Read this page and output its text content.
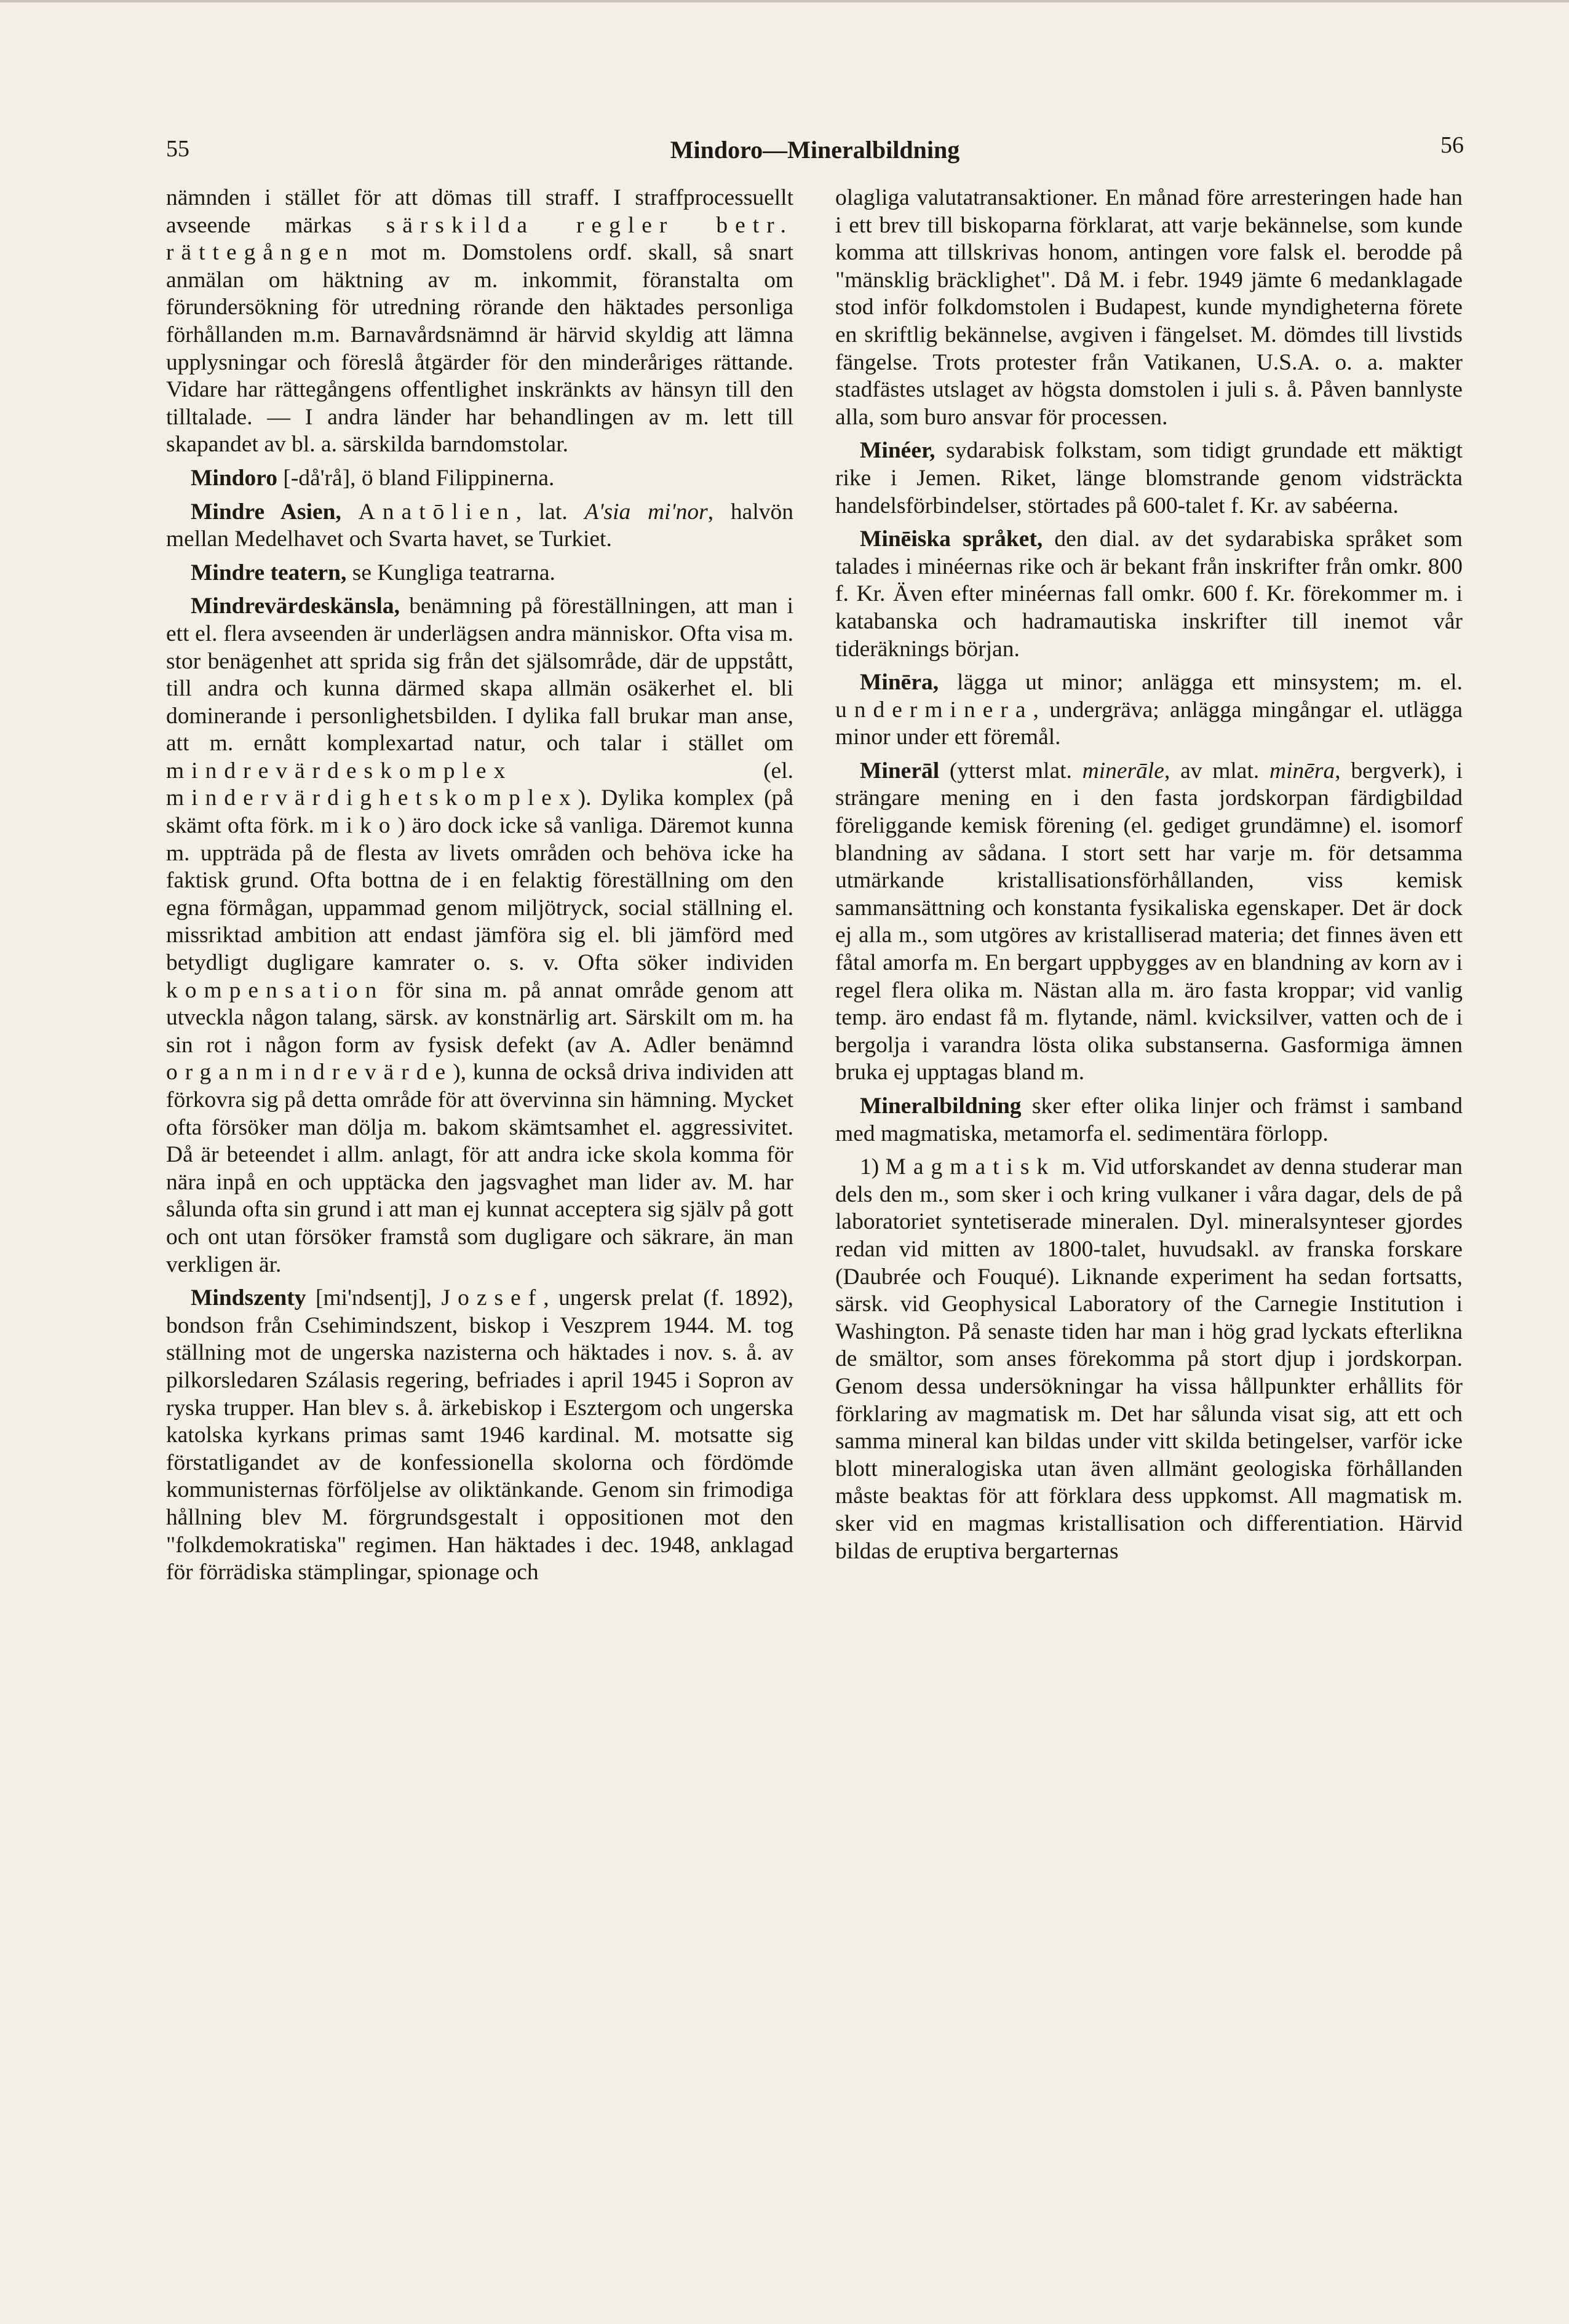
55	Mindoro—Mineralbildning	56

nämnden i stället för att dömas till straff. I straffprocessuellt avseende märkas särskilda regler betr. rättegången mot m. Domstolens ordf. skall, så snart anmälan om häktning av m. inkommit, föranstalta om förundersökning för utredning rörande den häktades personliga förhållanden m.m. Barnavårdsnämnd är härvid skyldig att lämna upplysningar och föreslå åtgärder för den minderåriges rättande. Vidare har rättegångens offentlighet inskränkts av hänsyn till den tilltalade. — I andra länder har behandlingen av m. lett till skapandet av bl. a. särskilda barndomstolar.

Mindoro [-då'rå], ö bland Filippinerna.

Mindre Asien, Anatōlien, lat. A'sia mi'nor, halvön mellan Medelhavet och Svarta havet, se Turkiet.

Mindre teatern, se Kungliga teatrarna.

Mindrevärdeskänsla, benämning på föreställningen, att man i ett el. flera avseenden är underlägsen andra människor. Ofta visa m. stor benägenhet att sprida sig från det själsområde, där de uppstått, till andra och kunna därmed skapa allmän osäkerhet el. bli dominerande i personlighetsbilden. I dylika fall brukar man anse, att m. ernått komplexartad natur, och talar i stället om mindrevärdeskomplex (el. mindervärdighetskomplex). Dylika komplex (på skämt ofta förk. miko) äro dock icke så vanliga. Däremot kunna m. uppträda på de flesta av livets områden och behöva icke ha faktisk grund. Ofta bottna de i en felaktig föreställning om den egna förmågan, uppammad genom miljötryck, social ställning el. missriktad ambition att endast jämföra sig el. bli jämförd med betydligt dugligare kamrater o. s. v. Ofta söker individen kompensation för sina m. på annat område genom att utveckla någon talang, särsk. av konstnärlig art. Särskilt om m. ha sin rot i någon form av fysisk defekt (av A. Adler benämnd organmindrevärde), kunna de också driva individen att förkovra sig på detta område för att övervinna sin hämning. Mycket ofta försöker man dölja m. bakom skämtsamhet el. aggressivitet. Då är beteendet i allm. anlagt, för att andra icke skola komma för nära inpå en och upptäcka den jagsvaghet man lider av. M. har sålunda ofta sin grund i att man ej kunnat acceptera sig själv på gott och ont utan försöker framstå som dugligare och säkrare, än man verkligen är.

Mindszenty [mi'ndsentj], Jozsef, ungersk prelat (f. 1892), bondson från Csehimindszent, biskop i Veszprem 1944. M. tog ställning mot de ungerska nazisterna och häktades i nov. s. å. av pilkorsledaren Szálasis regering, befriades i april 1945 i Sopron av ryska trupper. Han blev s. å. ärkebiskop i Esztergom och ungerska katolska kyrkans primas samt 1946 kardinal. M. motsatte sig förstatligandet av de konfessionella skolorna och fördömde kommunisternas förföljelse av oliktänkande. Genom sin frimodiga hållning blev M. förgrundsgestalt i oppositionen mot den "folkdemokratiska" regimen. Han häktades i dec. 1948, anklagad för förrädiska stämplingar, spionage och

olagliga valutatransaktioner. En månad före arresteringen hade han i ett brev till biskoparna förklarat, att varje bekännelse, som kunde komma att tillskrivas honom, antingen vore falsk el. berodde på "mänsklig bräcklighet". Då M. i febr. 1949 jämte 6 medanklagade stod inför folkdomstolen i Budapest, kunde myndigheterna förete en skriftlig bekännelse, avgiven i fängelset. M. dömdes till livstids fängelse. Trots protester från Vatikanen, U.S.A. o. a. makter stadfästes utslaget av högsta domstolen i juli s. å. Påven bannlyste alla, som buro ansvar för processen.

Minéer, sydarabisk folkstam, som tidigt grundade ett mäktigt rike i Jemen. Riket, länge blomstrande genom vidsträckta handelsförbindelser, störtades på 600-talet f. Kr. av sabéerna.

Minēiska språket, den dial. av det sydarabiska språket som talades i minéernas rike och är bekant från inskrifter från omkr. 800 f. Kr. Även efter minéernas fall omkr. 600 f. Kr. förekommer m. i katabanska och hadramautiska inskrifter till inemot vår tideräknings början.

Minēra, lägga ut minor; anlägga ett minsystem; m. el. underminera, undergräva; anlägga mingångar el. utlägga minor under ett föremål.

Minerāl (ytterst mlat. minerāle, av mlat. minēra, bergverk), i strängare mening en i den fasta jordskorpan färdigbildad föreliggande kemisk förening (el. gediget grundämne) el. isomorf blandning av sådana. I stort sett har varje m. för detsamma utmärkande kristallisationsförhållanden, viss kemisk sammansättning och konstanta fysikaliska egenskaper. Det är dock ej alla m., som utgöres av kristalliserad materia; det finnes även ett fåtal amorfa m. En bergart uppbygges av en blandning av korn av i regel flera olika m. Nästan alla m. äro fasta kroppar; vid vanlig temp. äro endast få m. flytande, näml. kvicksilver, vatten och de i bergolja i varandra lösta olika substanserna. Gasformiga ämnen bruka ej upptagas bland m.

Mineralbildning sker efter olika linjer och främst i samband med magmatiska, metamorfa el. sedimentära förlopp.

1) Magmatisk m. Vid utforskandet av denna studerar man dels den m., som sker i och kring vulkaner i våra dagar, dels de på laboratoriet syntetiserade mineralen. Dyl. mineralsynteser gjordes redan vid mitten av 1800-talet, huvudsakl. av franska forskare (Daubrée och Fouqué). Liknande experiment ha sedan fortsatts, särsk. vid Geophysical Laboratory of the Carnegie Institution i Washington. På senaste tiden har man i hög grad lyckats efterlikna de smältor, som anses förekomma på stort djup i jordskorpan. Genom dessa undersökningar ha vissa hållpunkter erhållits för förklaring av magmatisk m. Det har sålunda visat sig, att ett och samma mineral kan bildas under vitt skilda betingelser, varför icke blott mineralogiska utan även allmänt geologiska förhållanden måste beaktas för att förklara dess uppkomst. All magmatisk m. sker vid en magmas kristallisation och differentiation. Härvid bildas de eruptiva bergarternas
